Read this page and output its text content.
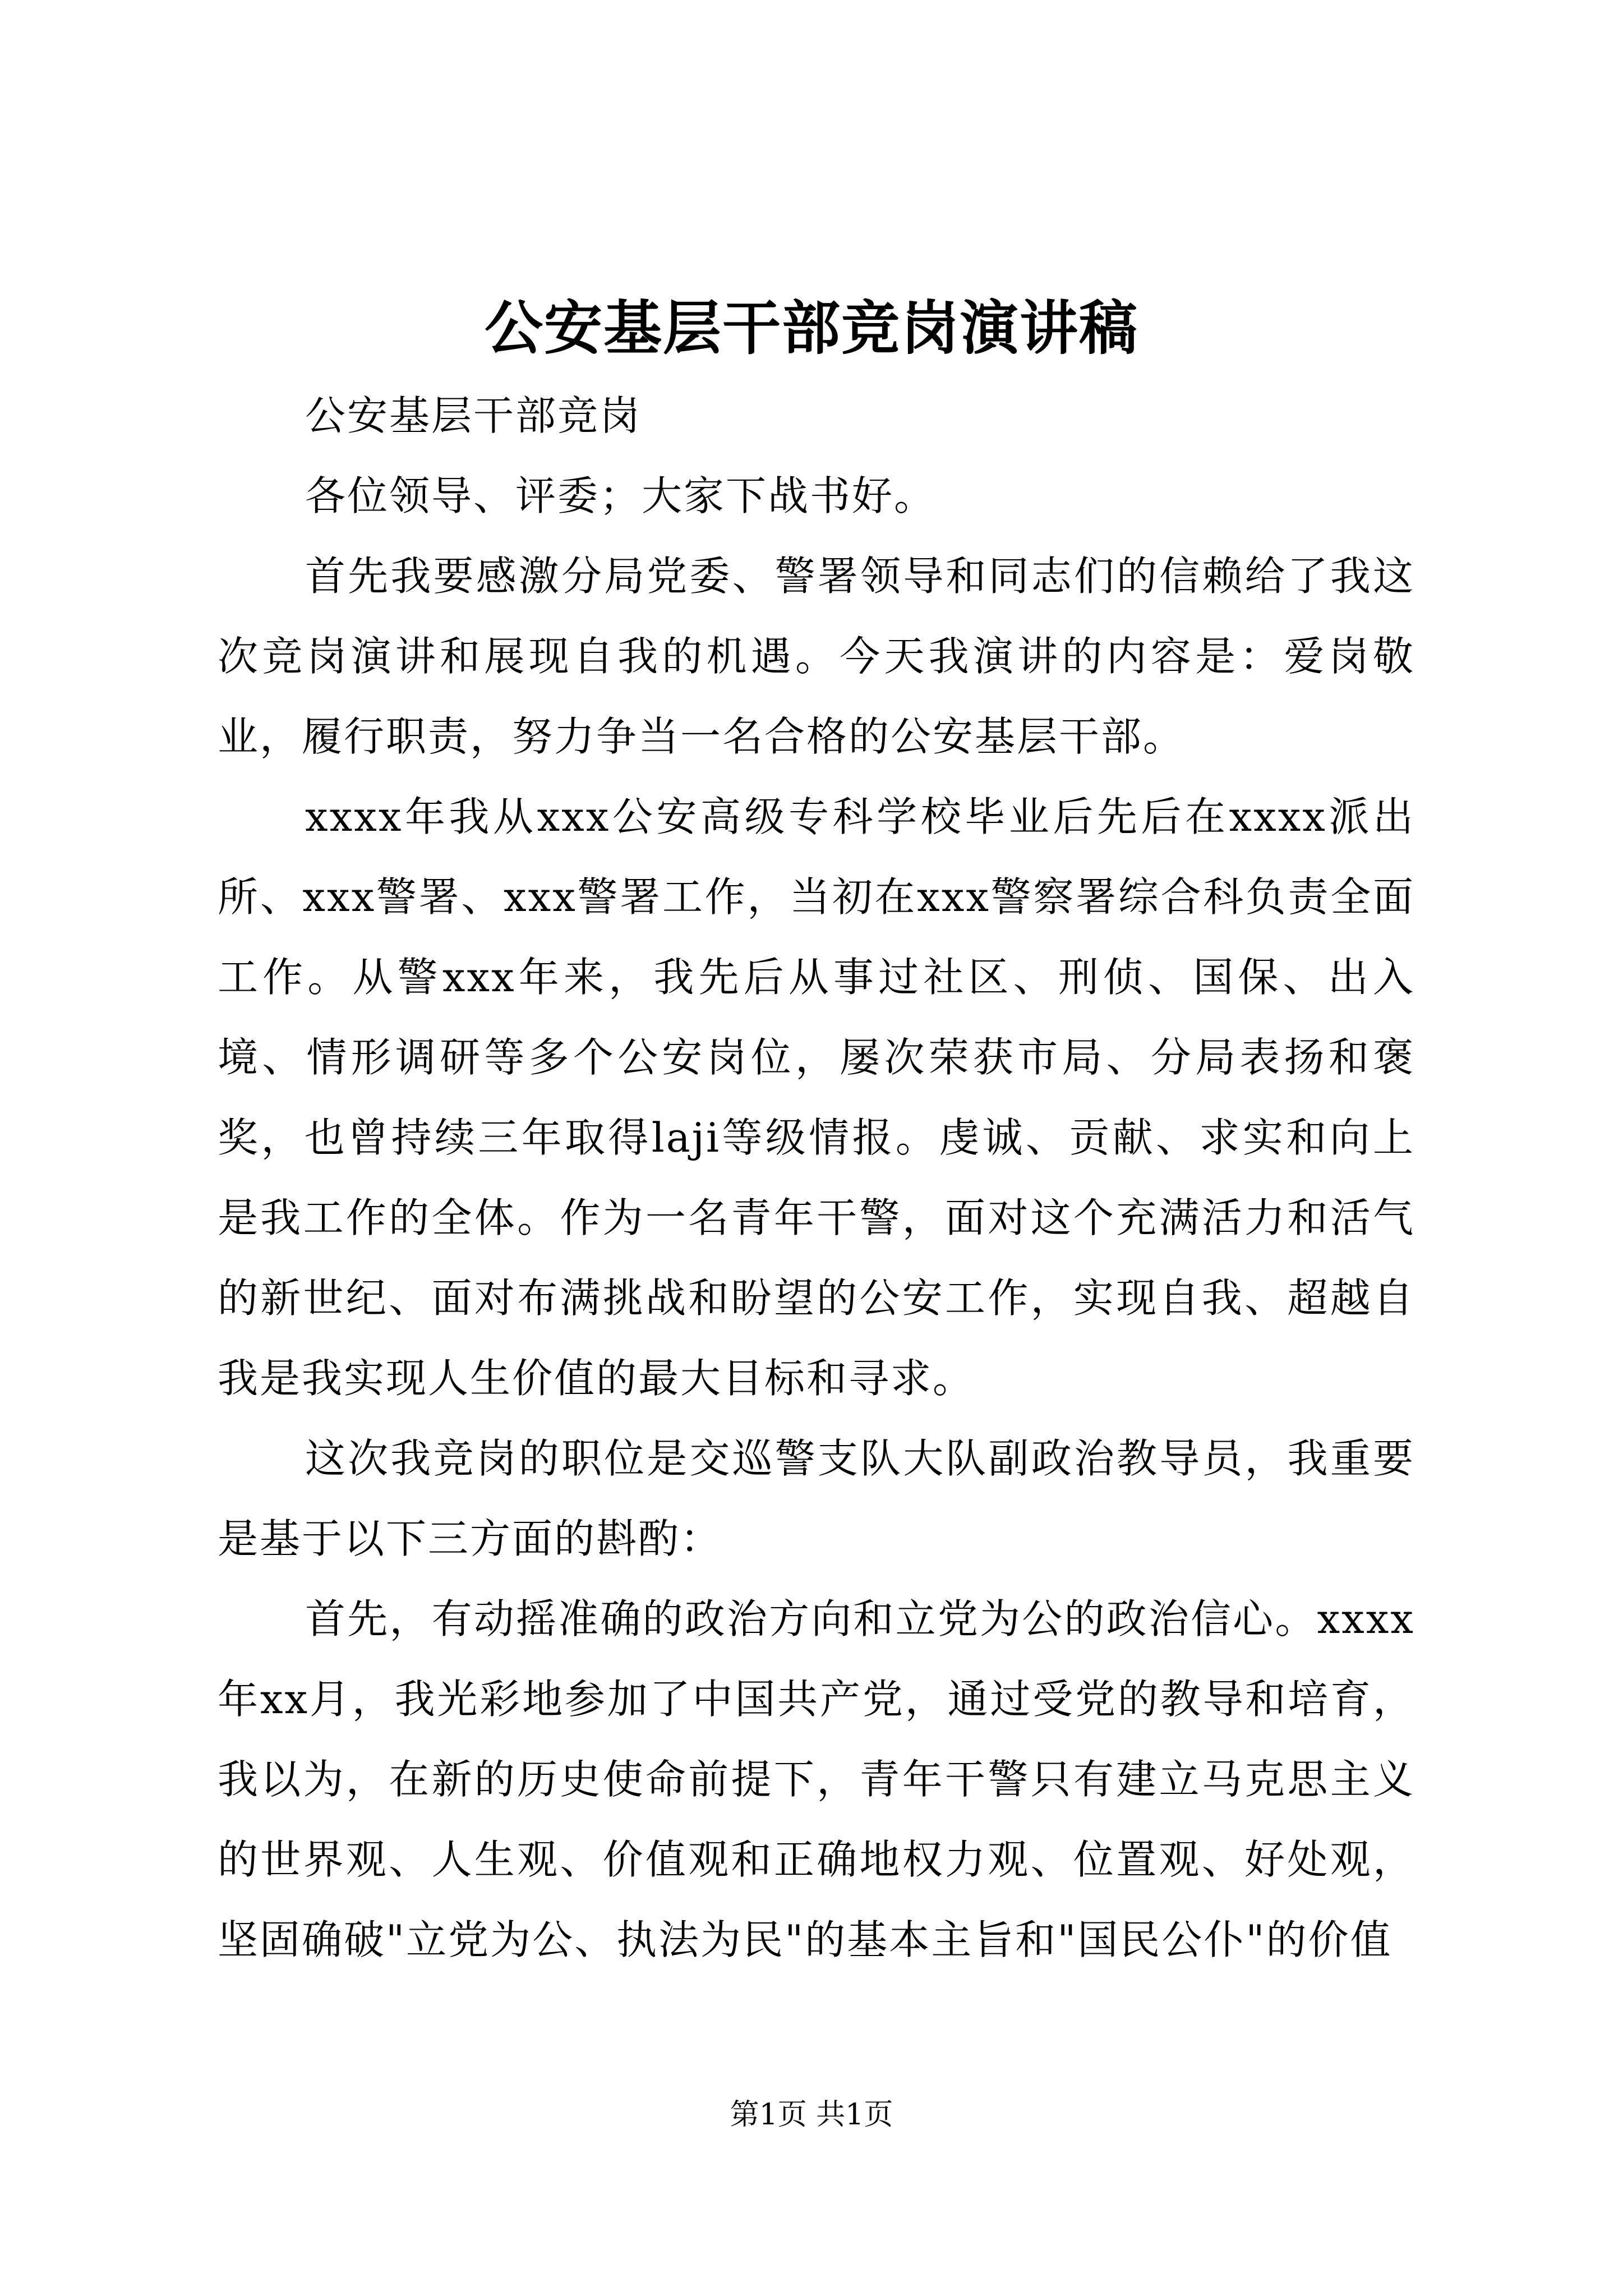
公安基层干部竞岗演讲稿

公安基层干部竞岗

各位领导、评委；大家下战书好。

首先我要感激分局党委、警署领导和同志们的信赖给了我这次竞岗演讲和展现自我的机遇。今天我演讲的内容是：爱岗敬业，履行职责，努力争当一名合格的公安基层干部。

xxxx年我从xxx公安高级专科学校毕业后先后在xxxx派出所、xxx警署、xxx警署工作，当初在xxx警察署综合科负责全面工作。从警xxx年来，我先后从事过社区、刑侦、国保、出入境、情形调研等多个公安岗位，屡次荣获市局、分局表扬和褒奖，也曾持续三年取得laji等级情报。虔诚、贡献、求实和向上是我工作的全体。作为一名青年干警，面对这个充满活力和活气的新世纪、面对布满挑战和盼望的公安工作，实现自我、超越自我是我实现人生价值的最大目标和寻求。

这次我竞岗的职位是交巡警支队大队副政治教导员，我重要是基于以下三方面的斟酌：

首先，有动摇准确的政治方向和立党为公的政治信心。xxxx年xx月，我光彩地参加了中国共产党，通过受党的教导和培育，我以为，在新的历史使命前提下，青年干警只有建立马克思主义的世界观、人生观、价值观和正确地权力观、位置观、好处观，坚固确破"立党为公、执法为民"的基本主旨和"国民公仆"的价值

第1页 共1页
